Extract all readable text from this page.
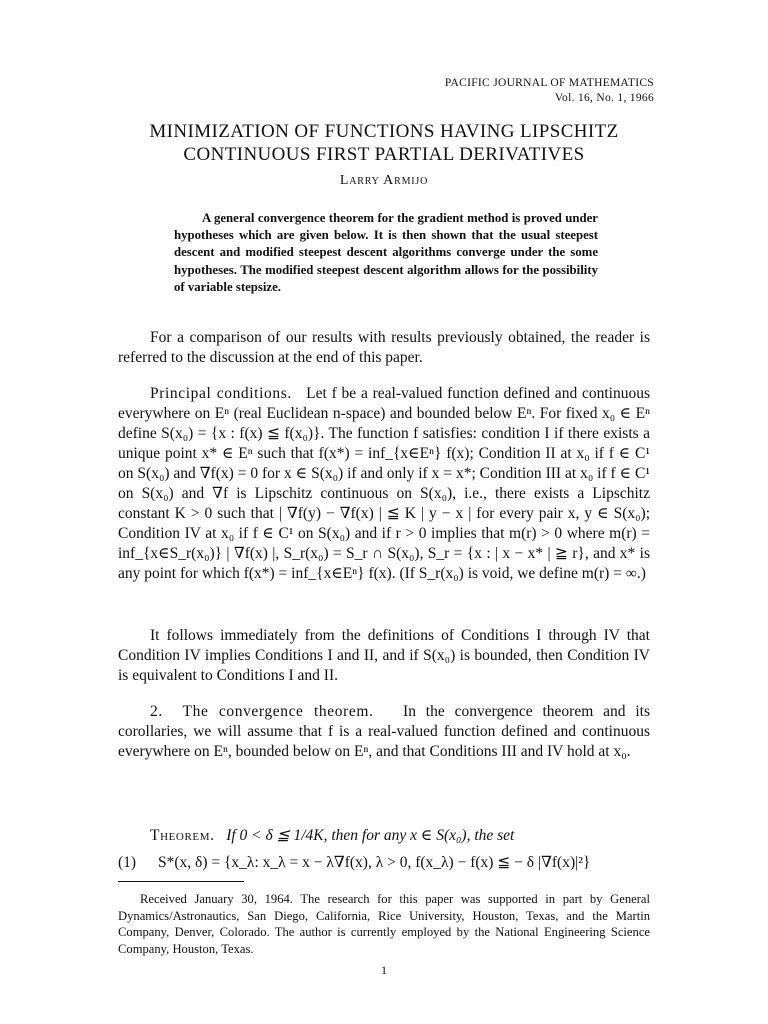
PACIFIC JOURNAL OF MATHEMATICS
Vol. 16, No. 1, 1966
MINIMIZATION OF FUNCTIONS HAVING LIPSCHITZ
CONTINUOUS FIRST PARTIAL DERIVATIVES
Larry Armijo
A general convergence theorem for the gradient method is proved under hypotheses which are given below. It is then shown that the usual steepest descent and modified steepest descent algorithms converge under the some hypotheses. The modified steepest descent algorithm allows for the possibility of variable stepsize.
For a comparison of our results with results previously obtained, the reader is referred to the discussion at the end of this paper.
Principal conditions. Let f be a real-valued function defined and continuous everywhere on Eⁿ (real Euclidean n-space) and bounded below Eⁿ. For fixed x₀ ∈ Eⁿ define S(x₀) = {x : f(x) ≦ f(x₀)}. The function f satisfies: condition I if there exists a unique point x* ∈ Eⁿ such that f(x*) = inf_{x∈Eⁿ} f(x); Condition II at x₀ if f ∈ C¹ on S(x₀) and ∇f(x) = 0 for x ∈ S(x₀) if and only if x = x*; Condition III at x₀ if f ∈ C¹ on S(x₀) and ∇f is Lipschitz continuous on S(x₀), i.e., there exists a Lipschitz constant K > 0 such that | ∇f(y) − ∇f(x) | ≦ K | y − x | for every pair x, y ∈ S(x₀); Condition IV at x₀ if f ∈ C¹ on S(x₀) and if r > 0 implies that m(r) > 0 where m(r) = inf_{x∈S_r(x₀)} | ∇f(x) |, S_r(x₀) = S_r ∩ S(x₀), S_r = {x : | x − x* | ≧ r}, and x* is any point for which f(x*) = inf_{x∈Eⁿ} f(x). (If S_r(x₀) is void, we define m(r) = ∞.)
It follows immediately from the definitions of Conditions I through IV that Condition IV implies Conditions I and II, and if S(x₀) is bounded, then Condition IV is equivalent to Conditions I and II.
2. The convergence theorem. In the convergence theorem and its corollaries, we will assume that f is a real-valued function defined and continuous everywhere on Eⁿ, bounded below on Eⁿ, and that Conditions III and IV hold at x₀.
Theorem. If 0 < δ ≦ 1/4K, then for any x ∈ S(x₀), the set
(1) S*(x, δ) = {x_λ: x_λ = x − λ∇f(x), λ > 0, f(x_λ) − f(x) ≦ − δ |∇f(x)|²}
Received January 30, 1964. The research for this paper was supported in part by General Dynamics/Astronautics, San Diego, California, Rice University, Houston, Texas, and the Martin Company, Denver, Colorado. The author is currently employed by the National Engineering Science Company, Houston, Texas.
1
